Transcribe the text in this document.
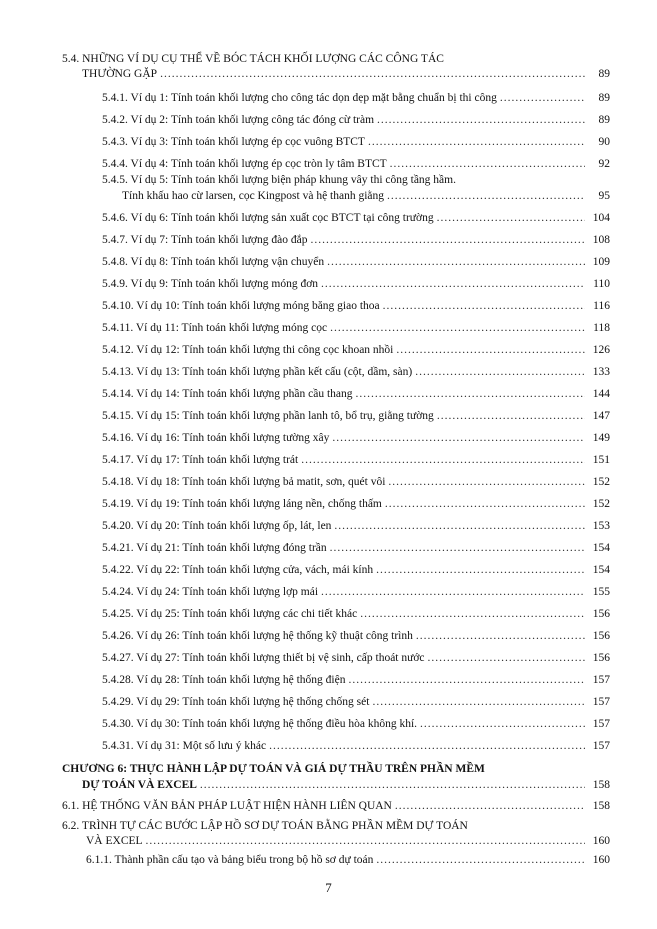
5.4. NHỮNG VÍ DỤ CỤ THỂ VỀ BÓC TÁCH KHỐI LƯỢNG CÁC CÔNG TÁC
THƯỜNG GẶP .....	89
5.4.1. Ví dụ 1: Tính toán khối lượng cho công tác dọn dẹp mặt bằng chuẩn bị thi công .....	89
5.4.2. Ví dụ 2: Tính toán khối lượng công tác đóng cừ tràm .....	89
5.4.3. Ví dụ 3: Tính toán khối lượng ép cọc vuông BTCT .....	90
5.4.4. Ví dụ 4: Tính toán khối lượng ép cọc tròn ly tâm BTCT .....	92
5.4.5. Ví dụ 5: Tính toán khối lượng biện pháp khung vây thi công tầng hầm.
Tính khấu hao cừ larsen, cọc Kingpost và hệ thanh giằng .....	95
5.4.6. Ví dụ 6: Tính toán khối lượng sản xuất cọc BTCT tại công trường .....	104
5.4.7. Ví dụ 7: Tính toán khối lượng đào đắp .....	108
5.4.8. Ví dụ 8: Tính toán khối lượng vận chuyển .....	109
5.4.9. Ví dụ 9: Tính toán khối lượng móng đơn .....	110
5.4.10. Ví dụ 10: Tính toán khối lượng móng băng giao thoa .....	116
5.4.11. Ví dụ 11: Tính toán khối lượng móng cọc .....	118
5.4.12. Ví dụ 12: Tính toán khối lượng thi công cọc khoan nhồi .....	126
5.4.13. Ví dụ 13: Tính toán khối lượng phần kết cấu (cột, dầm, sàn) .....	133
5.4.14. Ví dụ 14: Tính toán khối lượng phần cầu thang .....	144
5.4.15. Ví dụ 15: Tính toán khối lượng phần lanh tô, bổ trụ, giằng tường .....	147
5.4.16. Ví dụ 16: Tính toán khối lượng tường xây .....	149
5.4.17. Ví dụ 17: Tính toán khối lượng trát .....	151
5.4.18. Ví dụ 18: Tính toán khối lượng bả matit, sơn, quét vôi .....	152
5.4.19. Ví dụ 19: Tính toán khối lượng láng nền, chống thấm .....	152
5.4.20. Ví dụ 20: Tính toán khối lượng ốp, lát, len .....	153
5.4.21. Ví dụ 21: Tính toán khối lượng đóng trần .....	154
5.4.22. Ví dụ 22: Tính toán khối lượng cửa, vách, mái kính .....	154
5.4.24. Ví dụ 24: Tính toán khối lượng lợp mái .....	155
5.4.25. Ví dụ 25: Tính toán khối lượng các chi tiết khác .....	156
5.4.26. Ví dụ 26: Tính toán khối lượng hệ thống kỹ thuật công trình .....	156
5.4.27. Ví dụ 27: Tính toán khối lượng thiết bị vệ sinh, cấp thoát nước .....	156
5.4.28. Ví dụ 28: Tính toán khối lượng hệ thống điện .....	157
5.4.29. Ví dụ 29: Tính toán khối lượng hệ thống chống sét .....	157
5.4.30. Ví dụ 30: Tính toán khối lượng hệ thống điều hòa không khí. .....	157
5.4.31. Ví dụ 31: Một số lưu ý khác .....	157
CHƯƠNG 6: THỰC HÀNH LẬP DỰ TOÁN VÀ GIÁ DỰ THẦU TRÊN PHẦN MỀM
DỰ TOÁN VÀ EXCEL .....	158
6.1. HỆ THỐNG VĂN BẢN PHÁP LUẬT HIỆN HÀNH LIÊN QUAN .....	158
6.2. TRÌNH TỰ CÁC BƯỚC LẬP HỒ SƠ DỰ TOÁN BẰNG PHẦN MỀM DỰ TOÁN
VÀ EXCEL .....	160
6.1.1. Thành phần cấu tạo và bảng biểu trong bộ hồ sơ dự toán .....	160
7
